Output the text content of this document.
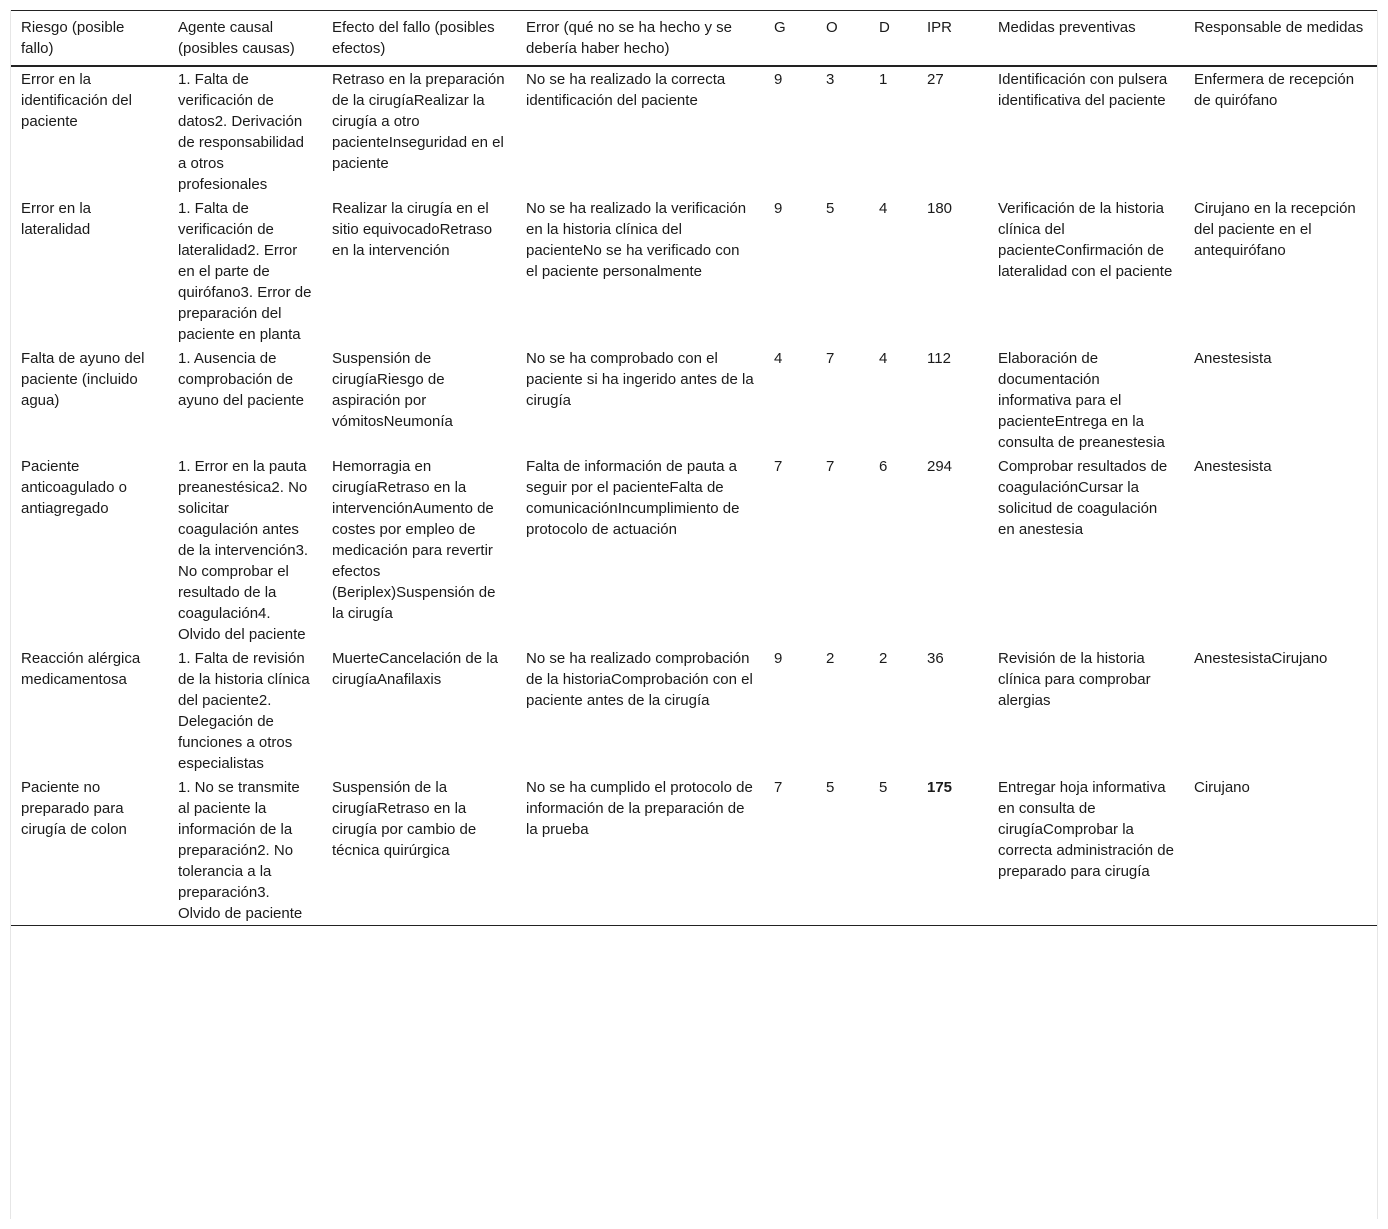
Riesgo (posible fallo)	Agente causal (posibles causas)	Efecto del fallo (posibles efectos)	Error (qué no se ha hecho y se debería haber hecho)	G	O	D	IPR	Medidas preventivas	Responsable de medidas
Error en la identificación del paciente	1. Falta de verificación de datos2. Derivación de responsabilidad a otros profesionales	Retraso en la preparación de la cirugíaRealizar la cirugía a otro pacienteInseguridad en el paciente	No se ha realizado la correcta identificación del paciente	9	3	1	27	Identificación con pulsera identificativa del paciente	Enfermera de recepción de quirófano
Error en la lateralidad	1. Falta de verificación de lateralidad2. Error en el parte de quirófano3. Error de preparación del paciente en planta	Realizar la cirugía en el sitio equivocadoRetraso en la intervención	No se ha realizado la verificación en la historia clínica del pacienteNo se ha verificado con el paciente personalmente	9	5	4	180	Verificación de la historia clínica del pacienteConfirmación de lateralidad con el paciente	Cirujano en la recepción del paciente en el antequirófano
Falta de ayuno del paciente (incluido agua)	1. Ausencia de comprobación de ayuno del paciente	Suspensión de cirugíaRiesgo de aspiración por vómitosNeumonía	No se ha comprobado con el paciente si ha ingerido antes de la cirugía	4	7	4	112	Elaboración de documentación informativa para el pacienteEntrega en la consulta de preanestesia	Anestesista
Paciente anticoagulado o antiagregado	1. Error en la pauta preanestésica2. No solicitar coagulación antes de la intervención3. No comprobar el resultado de la coagulación4. Olvido del paciente	Hemorragia en cirugíaRetraso en la intervenciónAumento de costes por empleo de medicación para revertir efectos (Beriplex)Suspensión de la cirugía	Falta de información de pauta a seguir por el pacienteFalta de comunicaciónIncumplimiento de protocolo de actuación	7	7	6	294	Comprobar resultados de coagulaciónCursar la solicitud de coagulación en anestesia	Anestesista
Reacción alérgica medicamentosa	1. Falta de revisión de la historia clínica del paciente2. Delegación de funciones a otros especialistas	MuerteCancelación de la cirugíaAnafilaxis	No se ha realizado comprobación de la historiaComprobación con el paciente antes de la cirugía	9	2	2	36	Revisión de la historia clínica para comprobar alergias	AnestesistaCirujano
Paciente no preparado para cirugía de colon	1. No se transmite al paciente la información de la preparación2. No tolerancia a la preparación3. Olvido de paciente	Suspensión de la cirugíaRetraso en la cirugía por cambio de técnica quirúrgica	No se ha cumplido el protocolo de información de la preparación de la prueba	7	5	5	175	Entregar hoja informativa en consulta de cirugíaComprobar la correcta administración de preparado para cirugía	Cirujano
